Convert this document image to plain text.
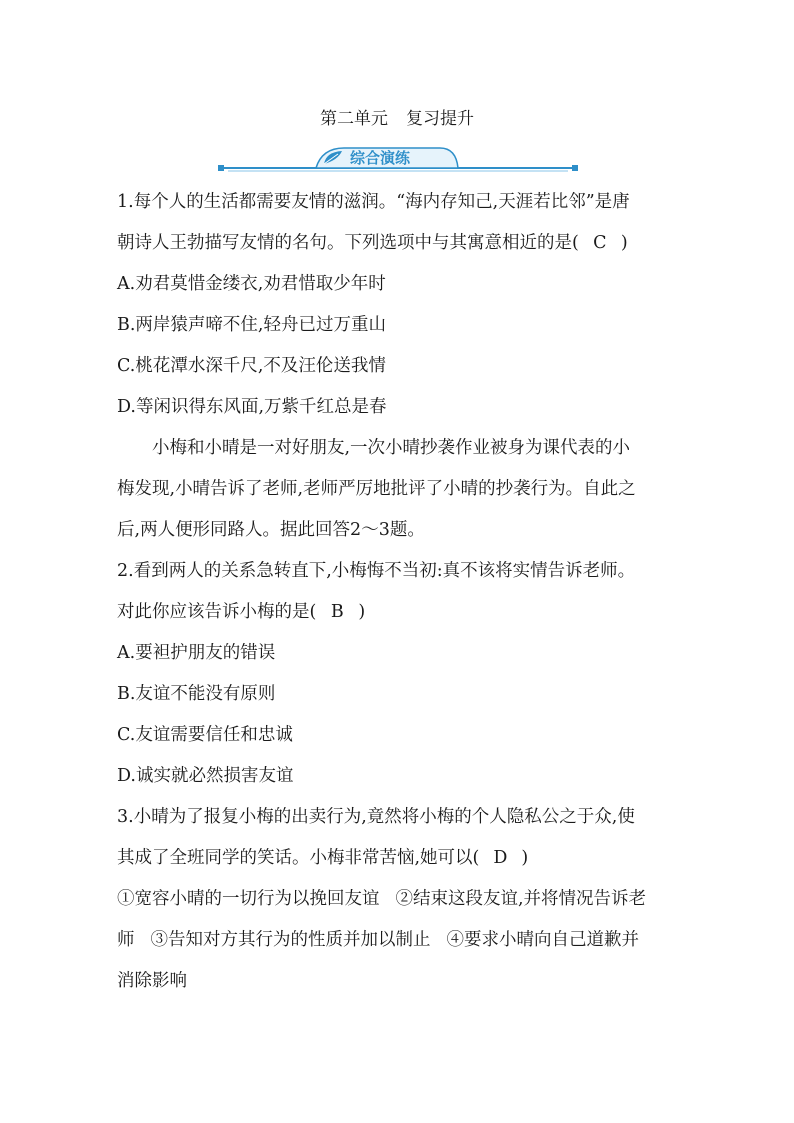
第二单元 复习提升
综合演练
1.每个人的生活都需要友情的滋润。“海内存知己,天涯若比邻”是唐
朝诗人王勃描写友情的名句。下列选项中与其寓意相近的是( C )
A.劝君莫惜金缕衣,劝君惜取少年时
B.两岸猿声啼不住,轻舟已过万重山
C.桃花潭水深千尺,不及汪伦送我情
D.等闲识得东风面,万紫千红总是春
小梅和小晴是一对好朋友,一次小晴抄袭作业被身为课代表的小
梅发现,小晴告诉了老师,老师严厉地批评了小晴的抄袭行为。自此之
后,两人便形同路人。据此回答2～3题。
2.看到两人的关系急转直下,小梅悔不当初:真不该将实情告诉老师。
对此你应该告诉小梅的是( B )
A.要袒护朋友的错误
B.友谊不能没有原则
C.友谊需要信任和忠诚
D.诚实就必然损害友谊
3.小晴为了报复小梅的出卖行为,竟然将小梅的个人隐私公之于众,使
其成了全班同学的笑话。小梅非常苦恼,她可以( D )
①宽容小晴的一切行为以挽回友谊 ②结束这段友谊,并将情况告诉老
师 ③告知对方其行为的性质并加以制止 ④要求小晴向自己道歉并
消除影响
